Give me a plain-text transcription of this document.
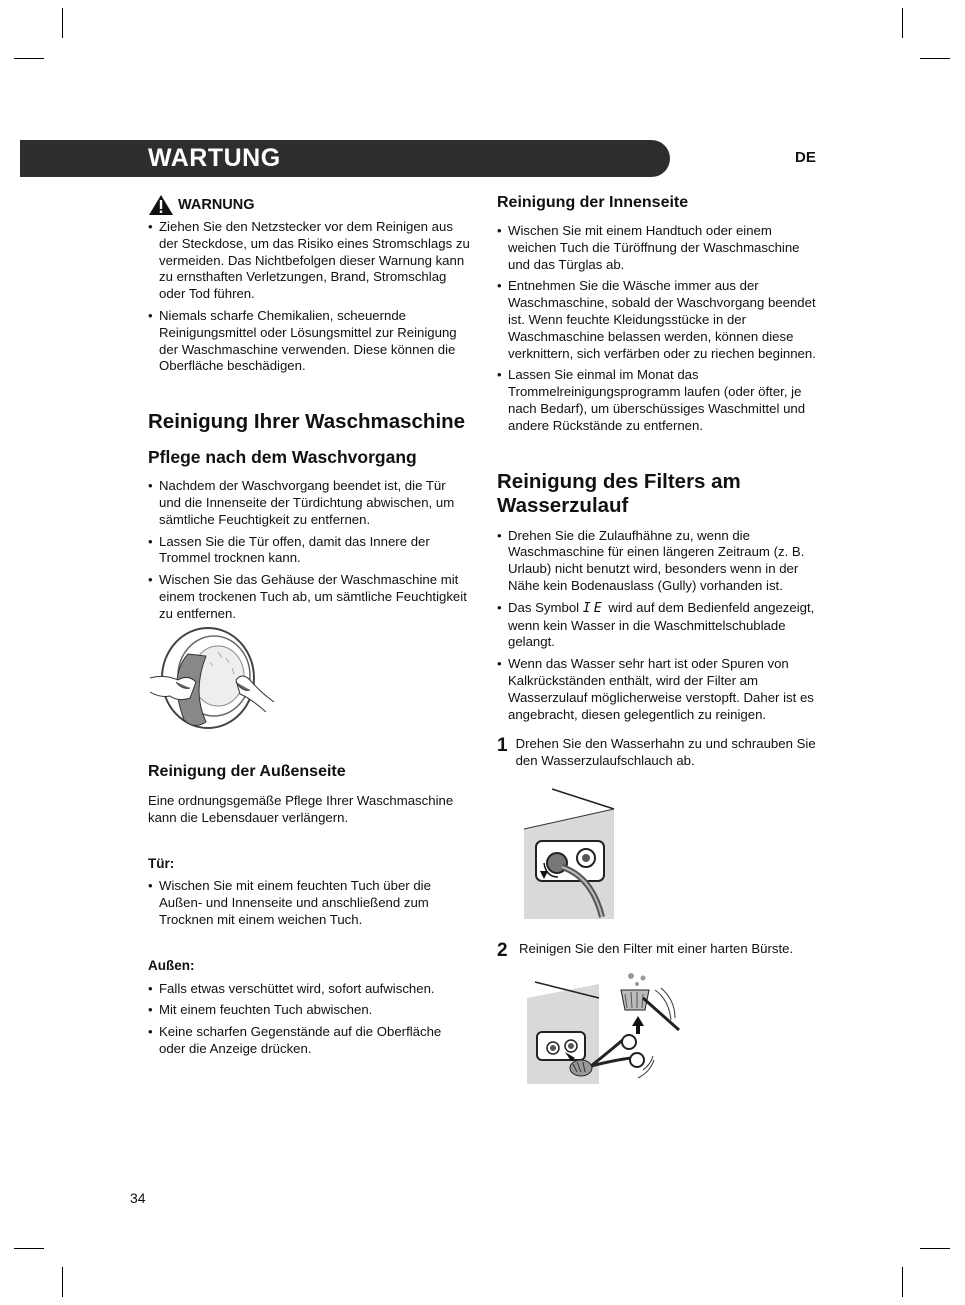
WARTUNG	DE
WARNUNG
• Ziehen Sie den Netzstecker vor dem Reinigen aus der Steckdose, um das Risiko eines Stromschlags zu vermeiden. Das Nichtbefolgen dieser Warnung kann zu ernsthaften Verletzungen, Brand, Stromschlag oder Tod führen.
• Niemals scharfe Chemikalien, scheuernde Reinigungsmittel oder Lösungsmittel zur Reinigung der Waschmaschine verwenden. Diese können die Oberfläche beschädigen.
Reinigung Ihrer Waschmaschine
Pflege nach dem Waschvorgang
• Nachdem der Waschvorgang beendet ist, die Tür und die Innenseite der Türdichtung abwischen, um sämtliche Feuchtigkeit zu entfernen.
• Lassen Sie die Tür offen, damit das Innere der Trommel trocknen kann.
• Wischen Sie das Gehäuse der Waschmaschine mit einem trockenen Tuch ab, um sämtliche Feuchtigkeit zu entfernen.
Reinigung der Außenseite

Eine ordnungsgemäße Pflege Ihrer Waschmaschine kann die Lebensdauer verlängern.

Tür:

• Wischen Sie mit einem feuchten Tuch über die Außen- und Innenseite und anschließend zum Trocknen mit einem weichen Tuch.

Außen:

• Falls etwas verschüttet wird, sofort aufwischen.
• Mit einem feuchten Tuch abwischen.
• Keine scharfen Gegenstände auf die Oberfläche oder die Anzeige drücken.
Reinigung der Innenseite
• Wischen Sie mit einem Handtuch oder einem weichen Tuch die Türöffnung der Waschmaschine und das Türglas ab.
• Entnehmen Sie die Wäsche immer aus der Waschmaschine, sobald der Waschvorgang beendet ist. Wenn feuchte Kleidungsstücke in der Waschmaschine belassen werden, können diese verknittern, sich verfärben oder zu riechen beginnen.
• Lassen Sie einmal im Monat das Trommelreinigungsprogramm laufen (oder öfter, je nach Bedarf), um überschüssiges Waschmittel und andere Rückstände zu entfernen.
Reinigung des Filters am Wasserzulauf
• Drehen Sie die Zulaufhähne zu, wenn die Waschmaschine für einen längeren Zeitraum (z. B. Urlaub) nicht benutzt wird, besonders wenn in der Nähe kein Bodenauslass (Gully) vorhanden ist.
• Das Symbol IE wird auf dem Bedienfeld angezeigt, wenn kein Wasser in die Waschmittelschublade gelangt.
• Wenn das Wasser sehr hart ist oder Spuren von Kalkrückständen enthält, wird der Filter am Wasserzulauf möglicherweise verstopft. Daher ist es angebracht, diesen gelegentlich zu reinigen.
1 Drehen Sie den Wasserhahn zu und schrauben Sie den Wasserzulaufschlauch ab.
2 Reinigen Sie den Filter mit einer harten Bürste.
34
